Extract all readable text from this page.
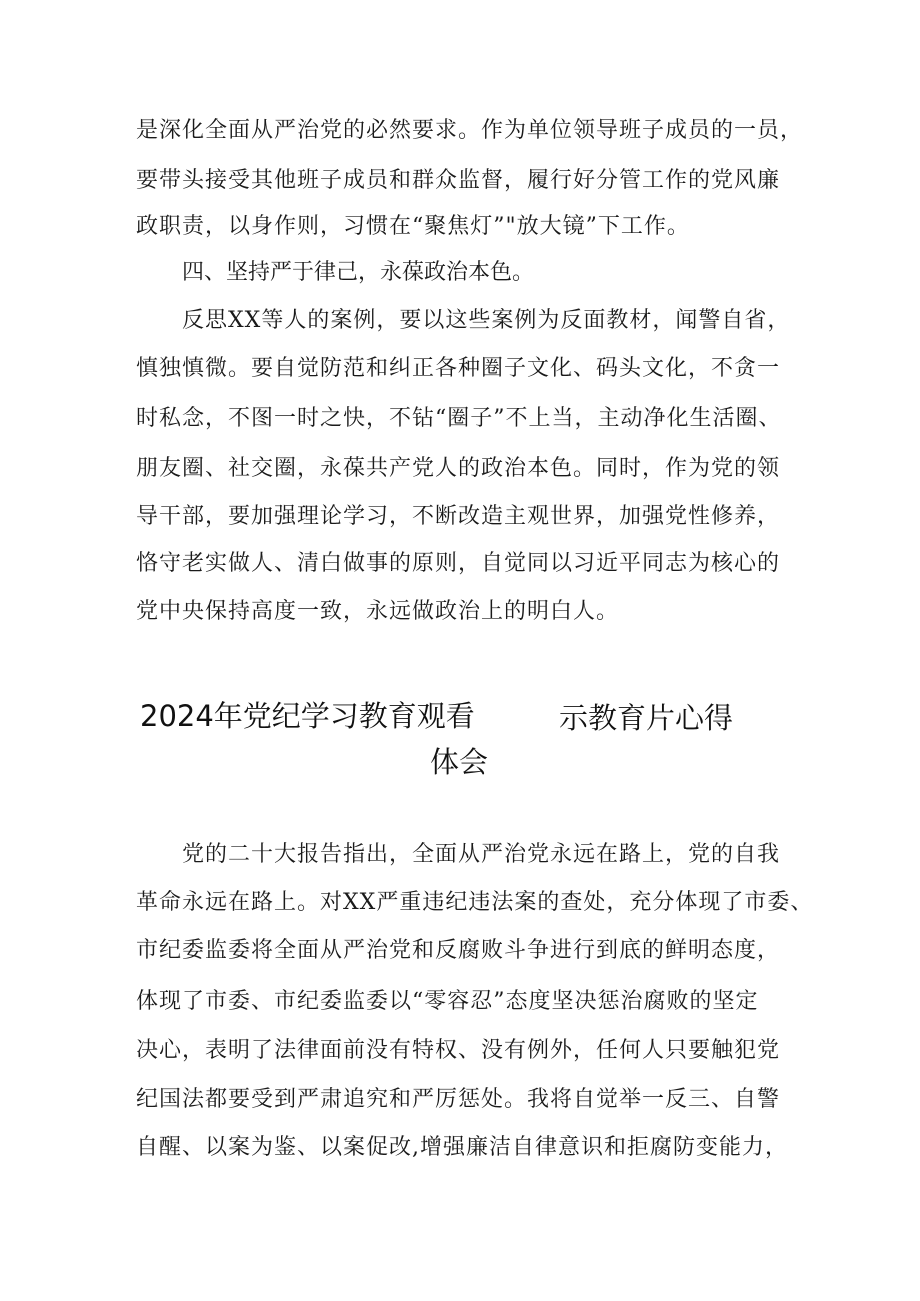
是深化全面从严治党的必然要求。作为单位领导班子成员的一员，

要带头接受其他班子成员和群众监督，履行好分管工作的党风廉

政职责，以身作则，习惯在“聚焦灯”"放大镜”下工作。

四、坚持严于律己，永葆政治本色。

反思XX等人的案例，要以这些案例为反面教材，闻警自省，

慎独慎微。要自觉防范和纠正各种圈子文化、码头文化，不贪一

时私念，不图一时之快，不钻“圈子”不上当，主动净化生活圈、

朋友圈、社交圈，永葆共产党人的政治本色。同时，作为党的领

导干部，要加强理论学习，不断改造主观世界，加强党性修养，

恪守老实做人、清白做事的原则，自觉同以习近平同志为核心的

党中央保持高度一致，永远做政治上的明白人。

2024年党纪学习教育观看	示教育片心得

体会

党的二十大报告指出，全面从严治党永远在路上，党的自我

革命永远在路上。对XX严重违纪违法案的查处，充分体现了市委、

市纪委监委将全面从严治党和反腐败斗争进行到底的鲜明态度，

体现了市委、市纪委监委以“零容忍”态度坚决惩治腐败的坚定

决心，表明了法律面前没有特权、没有例外，任何人只要触犯党

纪国法都要受到严肃追究和严厉惩处。我将自觉举一反三、自警

自醒、以案为鉴、以案促改,增强廉洁自律意识和拒腐防变能力，
